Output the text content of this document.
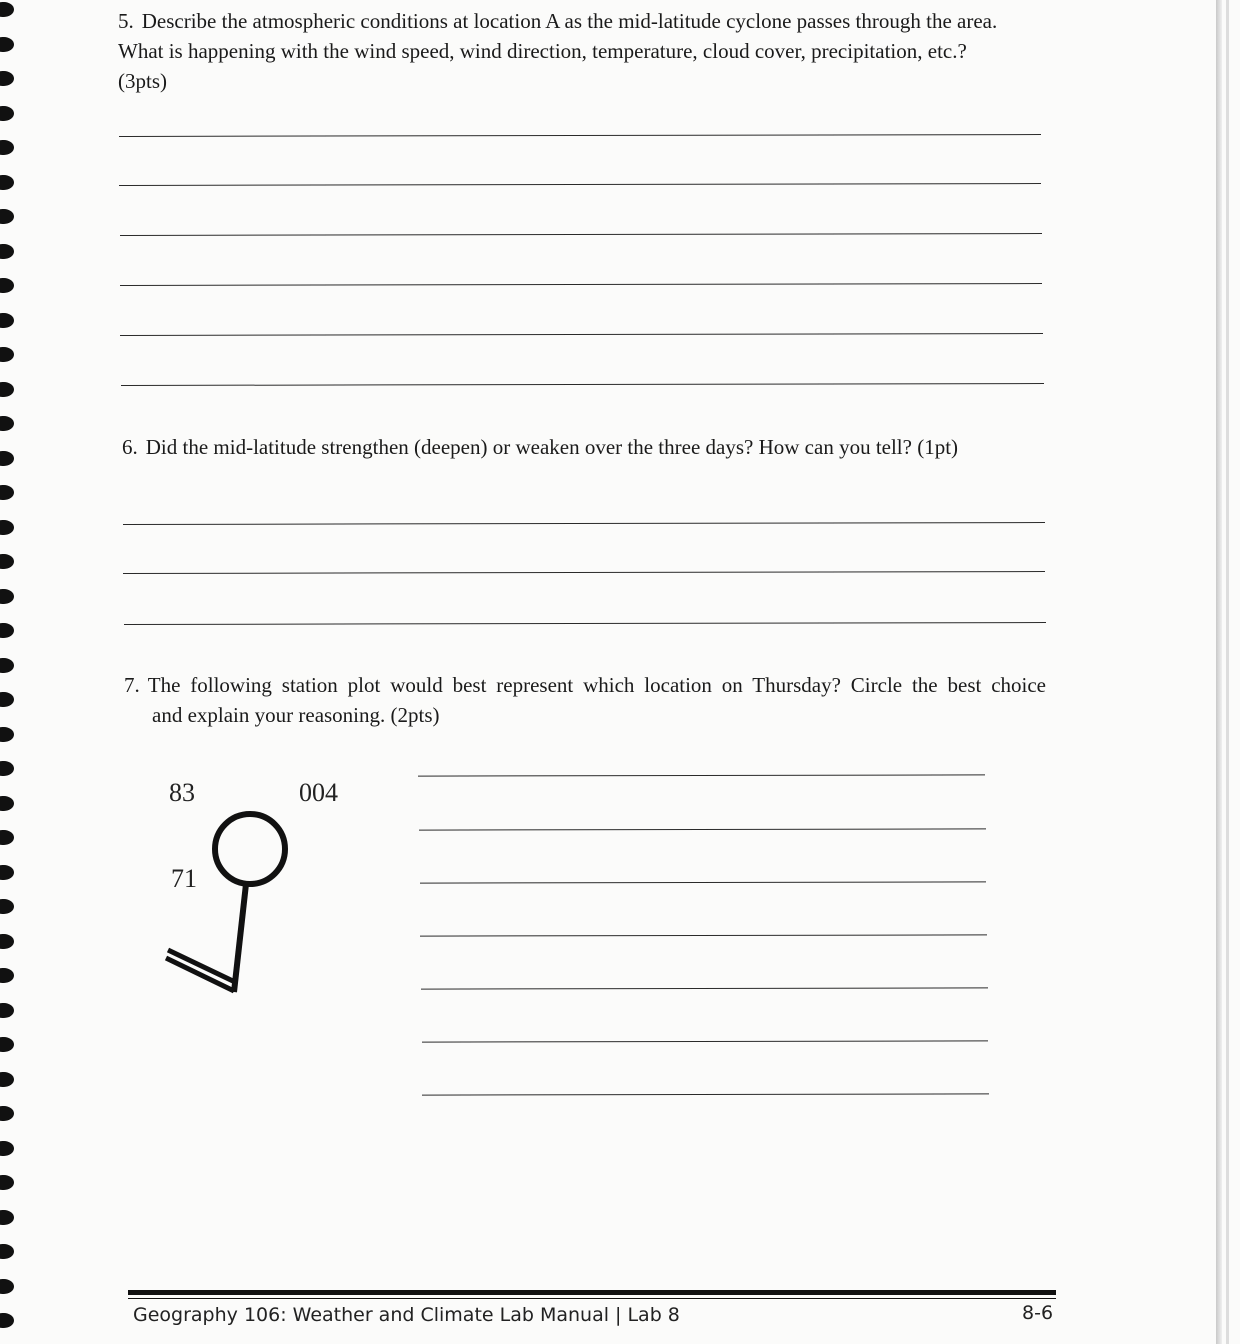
5. Describe the atmospheric conditions at location A as the mid-latitude cyclone passes through the area.
What is happening with the wind speed, wind direction, temperature, cloud cover, precipitation, etc.?
(3pts)
6. Did the mid-latitude strengthen (deepen) or weaken over the three days? How can you tell? (1pt)
7. The following station plot would best represent which location on Thursday? Circle the best choice
and explain your reasoning. (2pts)
83	004
71
Geography 106: Weather and Climate Lab Manual | Lab 8	8-6
